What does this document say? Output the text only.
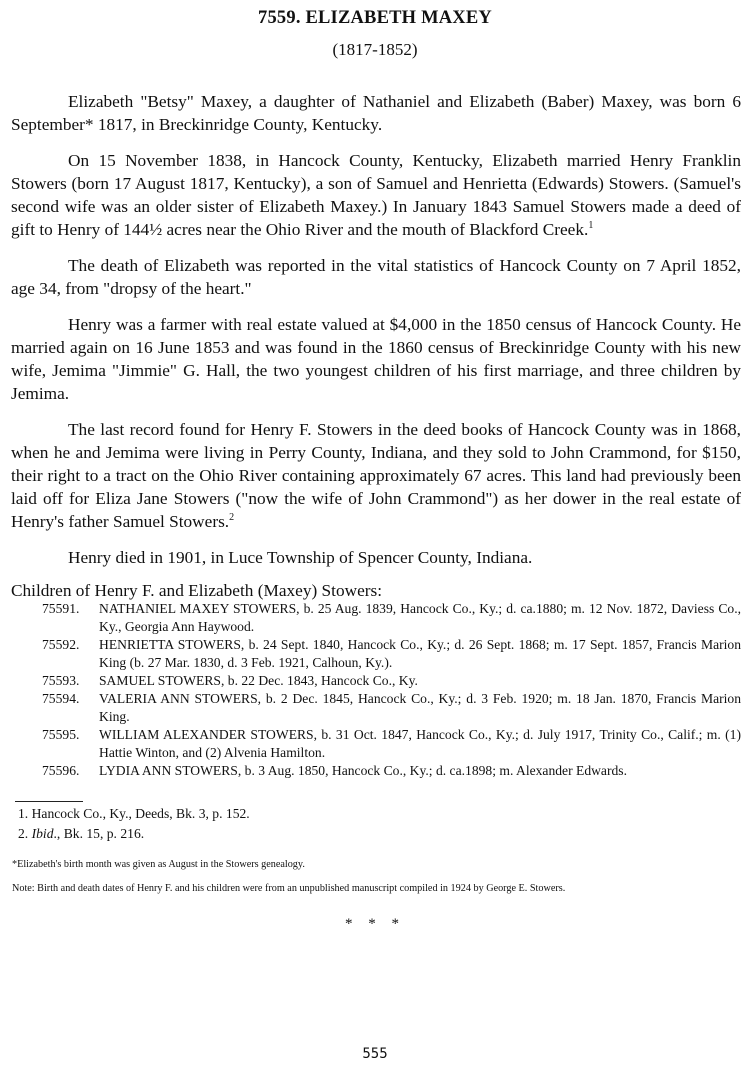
7559. ELIZABETH MAXEY
(1817-1852)

Elizabeth "Betsy" Maxey, a daughter of Nathaniel and Elizabeth (Baber) Maxey, was born 6 September* 1817, in Breckinridge County, Kentucky.

On 15 November 1838, in Hancock County, Kentucky, Elizabeth married Henry Franklin Stowers (born 17 August 1817, Kentucky), a son of Samuel and Henrietta (Edwards) Stowers. (Samuel's second wife was an older sister of Elizabeth Maxey.) In January 1843 Samuel Stowers made a deed of gift to Henry of 144½ acres near the Ohio River and the mouth of Blackford Creek.$^1$

The death of Elizabeth was reported in the vital statistics of Hancock County on 7 April 1852, age 34, from "dropsy of the heart."

Henry was a farmer with real estate valued at $4,000 in the 1850 census of Hancock County. He married again on 16 June 1853 and was found in the 1860 census of Breckinridge County with his new wife, Jemima "Jimmie" G. Hall, the two youngest children of his first marriage, and three children by Jemima.

The last record found for Henry F. Stowers in the deed books of Hancock County was in 1868, when he and Jemima were living in Perry County, Indiana, and they sold to John Crammond, for $150, their right to a tract on the Ohio River containing approximately 67 acres. This land had previously been laid off for Eliza Jane Stowers ("now the wife of John Crammond") as her dower in the real estate of Henry's father Samuel Stowers.$^2$

Henry died in 1901, in Luce Township of Spencer County, Indiana.

Children of Henry F. and Elizabeth (Maxey) Stowers:
75591. NATHANIEL MAXEY STOWERS, b. 25 Aug. 1839, Hancock Co., Ky.; d. ca.1880; m. 12 Nov. 1872, Daviess Co., Ky., Georgia Ann Haywood.
75592. HENRIETTA STOWERS, b. 24 Sept. 1840, Hancock Co., Ky.; d. 26 Sept. 1868; m. 17 Sept. 1857, Francis Marion King (b. 27 Mar. 1830, d. 3 Feb. 1921, Calhoun, Ky.).
75593. SAMUEL STOWERS, b. 22 Dec. 1843, Hancock Co., Ky.
75594. VALERIA ANN STOWERS, b. 2 Dec. 1845, Hancock Co., Ky.; d. 3 Feb. 1920; m. 18 Jan. 1870, Francis Marion King.
75595. WILLIAM ALEXANDER STOWERS, b. 31 Oct. 1847, Hancock Co., Ky.; d. July 1917, Trinity Co., Calif.; m. (1) Hattie Winton, and (2) Alvenia Hamilton.
75596. LYDIA ANN STOWERS, b. 3 Aug. 1850, Hancock Co., Ky.; d. ca.1898; m. Alexander Edwards.

1. Hancock Co., Ky., Deeds, Bk. 3, p. 152.

2. Ibid., Bk. 15, p. 216.

*Elizabeth's birth month was given as August in the Stowers genealogy.

Note: Birth and death dates of Henry F. and his children were from an unpublished manuscript compiled in 1924 by George E. Stowers.

* * *
555
